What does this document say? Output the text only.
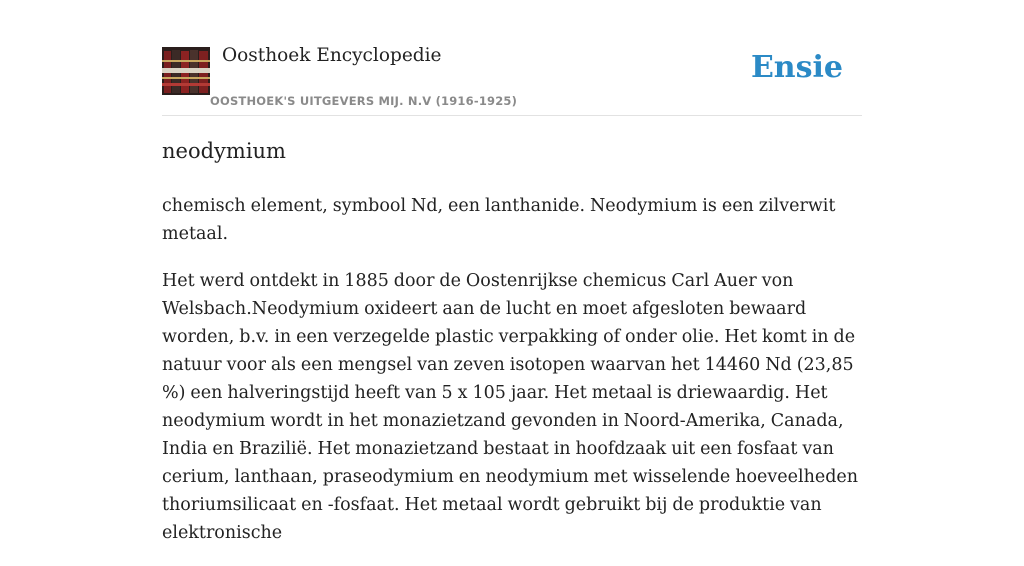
Oosthoek Encyclopedie
OOSTHOEK'S UITGEVERS MIJ. N.V (1916-1925)
Ensie
neodymium

chemisch element, symbool Nd, een lanthanide. Neodymium is een zilverwit metaal.

Het werd ontdekt in 1885 door de Oostenrijkse chemicus Carl Auer von Welsbach.Neodymium oxideert aan de lucht en moet afgesloten bewaard worden, b.v. in een verzegelde plastic verpakking of onder olie. Het komt in de natuur voor als een mengsel van zeven isotopen waarvan het 14460 Nd (23,85 %) een halveringstijd heeft van 5 x 105 jaar. Het metaal is driewaardig. Het neodymium wordt in het monazietzand gevonden in Noord-Amerika, Canada, India en Brazilië. Het monazietzand bestaat in hoofdzaak uit een fosfaat van cerium, lanthaan, praseodymium en neodymium met wisselende hoeveelheden thoriumsilicaat en -fosfaat. Het metaal wordt gebruikt bij de produktie van elektronische
